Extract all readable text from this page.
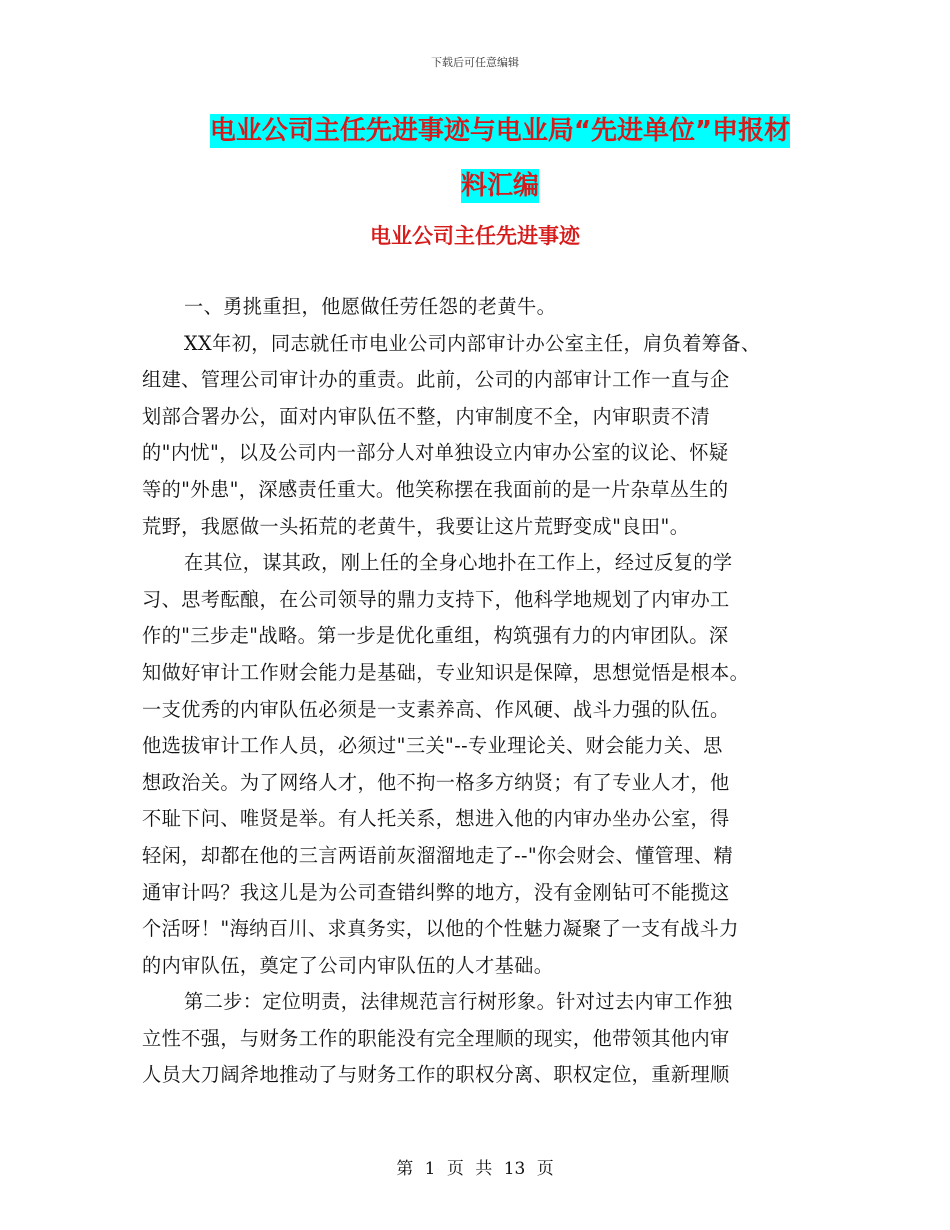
下载后可任意编辑
电业公司主任先进事迹与电业局“先进单位”申报材
料汇编
电业公司主任先进事迹
一、勇挑重担，他愿做任劳任怨的老黄牛。
XX年初，同志就任市电业公司内部审计办公室主任，肩负着筹备、
组建、管理公司审计办的重责。此前，公司的内部审计工作一直与企
划部合署办公，面对内审队伍不整，内审制度不全，内审职责不清
的"内忧"，以及公司内一部分人对单独设立内审办公室的议论、怀疑
等的"外患"，深感责任重大。他笑称摆在我面前的是一片杂草丛生的
荒野，我愿做一头拓荒的老黄牛，我要让这片荒野变成"良田"。
在其位，谋其政，刚上任的全身心地扑在工作上，经过反复的学
习、思考酝酿，在公司领导的鼎力支持下，他科学地规划了内审办工
作的"三步走"战略。第一步是优化重组，构筑强有力的内审团队。深
知做好审计工作财会能力是基础，专业知识是保障，思想觉悟是根本。
一支优秀的内审队伍必须是一支素养高、作风硬、战斗力强的队伍。
他选拔审计工作人员，必须过"三关"--专业理论关、财会能力关、思
想政治关。为了网络人才，他不拘一格多方纳贤；有了专业人才，他
不耻下问、唯贤是举。有人托关系，想进入他的内审办坐办公室，得
轻闲，却都在他的三言两语前灰溜溜地走了--"你会财会、懂管理、精
通审计吗？我这儿是为公司查错纠弊的地方，没有金刚钻可不能揽这
个活呀！"海纳百川、求真务实，以他的个性魅力凝聚了一支有战斗力
的内审队伍，奠定了公司内审队伍的人才基础。
第二步：定位明责，法律规范言行树形象。针对过去内审工作独
立性不强，与财务工作的职能没有完全理顺的现实，他带领其他内审
人员大刀阔斧地推动了与财务工作的职权分离、职权定位，重新理顺
第 1 页 共 13 页
